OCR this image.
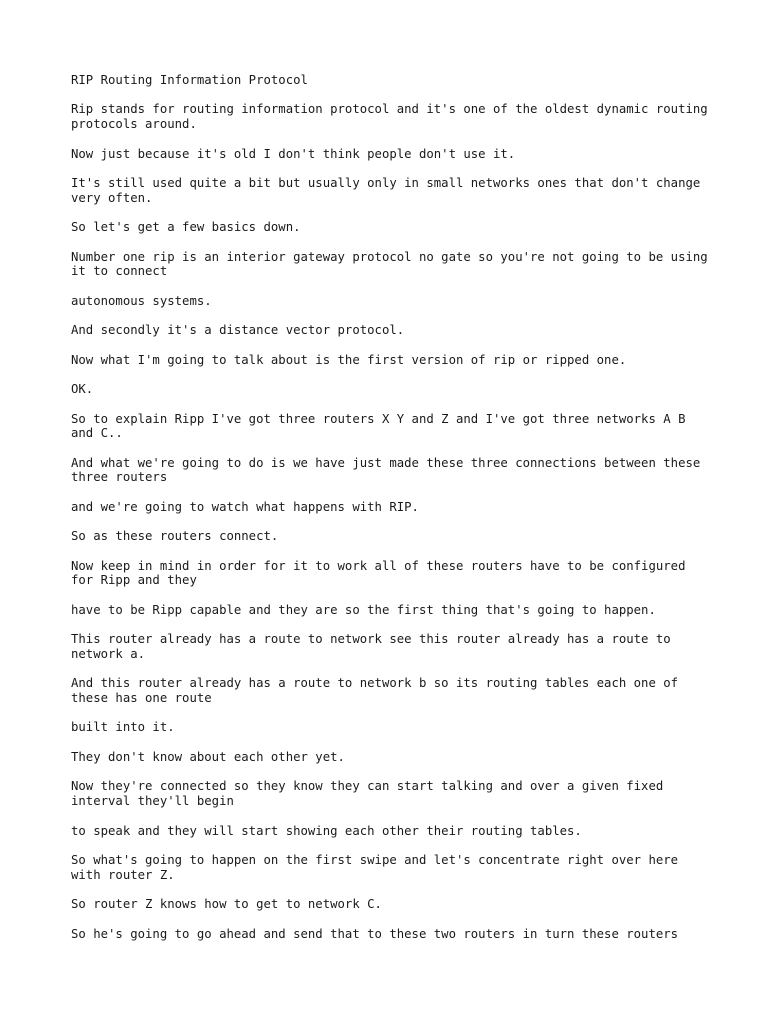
RIP Routing Information Protocol

Rip stands for routing information protocol and it's one of the oldest dynamic routing protocols around.

Now just because it's old I don't think people don't use it.

It's still used quite a bit but usually only in small networks ones that don't change very often.

So let's get a few basics down.

Number one rip is an interior gateway protocol no gate so you're not going to be using it to connect

autonomous systems.

And secondly it's a distance vector protocol.

Now what I'm going to talk about is the first version of rip or ripped one.

OK.

So to explain Ripp I've got three routers X Y and Z and I've got three networks A B and C..

And what we're going to do is we have just made these three connections between these three routers

and we're going to watch what happens with RIP.

So as these routers connect.

Now keep in mind in order for it to work all of these routers have to be configured for Ripp and they

have to be Ripp capable and they are so the first thing that's going to happen.

This router already has a route to network see this router already has a route to network a.

And this router already has a route to network b so its routing tables each one of these has one route

built into it.

They don't know about each other yet.

Now they're connected so they know they can start talking and over a given fixed interval they'll begin

to speak and they will start showing each other their routing tables.

So what's going to happen on the first swipe and let's concentrate right over here with router Z.

So router Z knows how to get to network C.

So he's going to go ahead and send that to these two routers in turn these routers
